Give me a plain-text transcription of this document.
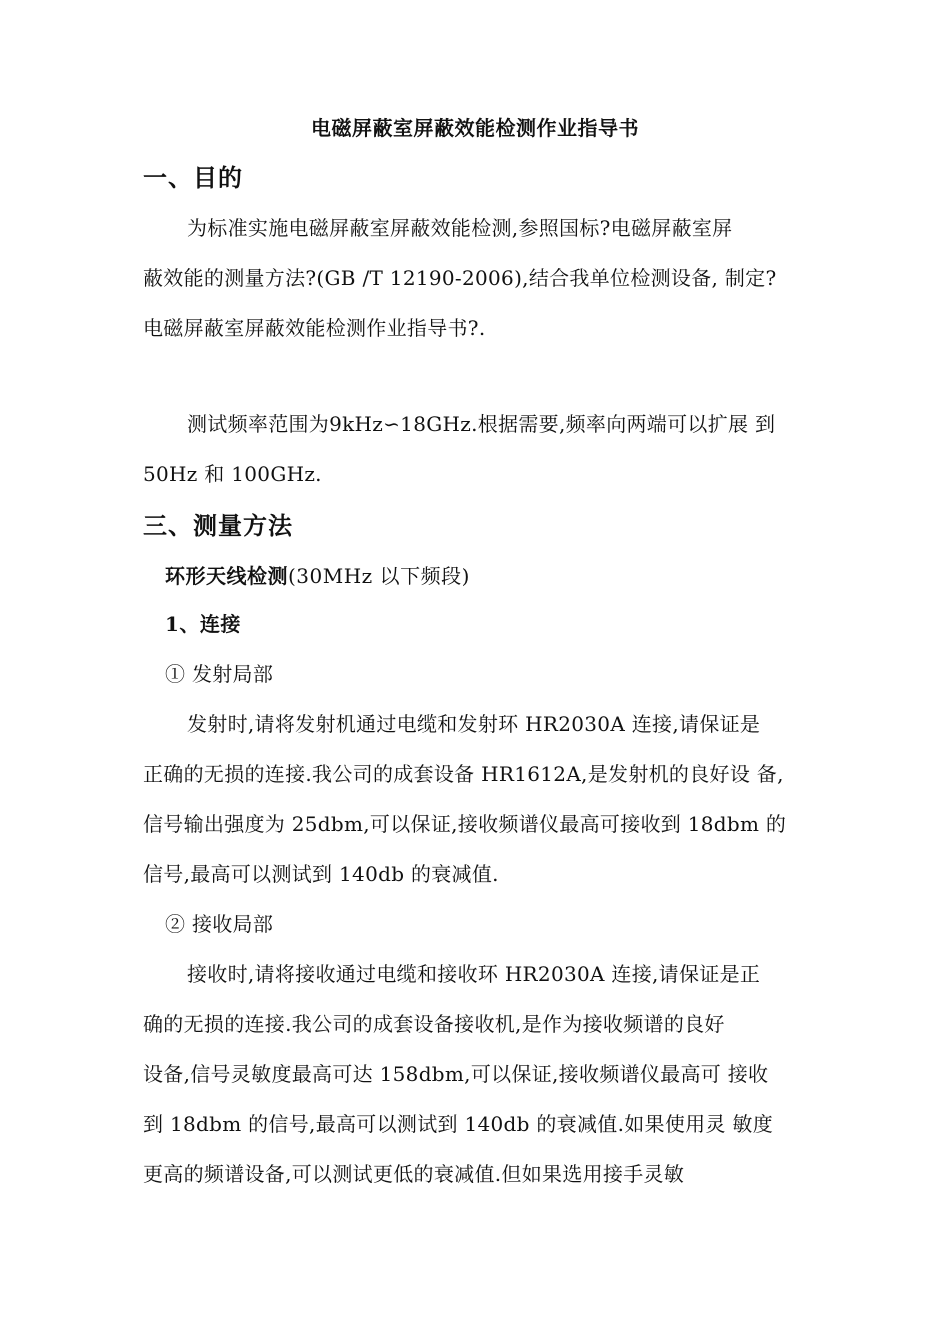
电磁屏蔽室屏蔽效能检测作业指导书
一、目的
为标准实施电磁屏蔽室屏蔽效能检测,参照国标?电磁屏蔽室屏
蔽效能的测量方法?(GB /T 12190-2006),结合我单位检测设备, 制定?
电磁屏蔽室屏蔽效能检测作业指导书?.
测试频率范围为9kHz∽18GHz.根据需要,频率向两端可以扩展 到
50Hz 和 100GHz.
三、测量方法
环形天线检测(30MHz 以下频段)
1、连接
① 发射局部
发射时,请将发射机通过电缆和发射环 HR2030A 连接,请保证是
正确的无损的连接.我公司的成套设备 HR1612A,是发射机的良好设 备,
信号输出强度为 25dbm,可以保证,接收频谱仪最高可接收到 18dbm 的
信号,最高可以测试到 140db 的衰减值.
② 接收局部
接收时,请将接收通过电缆和接收环 HR2030A 连接,请保证是正
确的无损的连接.我公司的成套设备接收机,是作为接收频谱的良好
设备,信号灵敏度最高可达 158dbm,可以保证,接收频谱仪最高可 接收
到 18dbm 的信号,最高可以测试到 140db 的衰减值.如果使用灵 敏度
更高的频谱设备,可以测试更低的衰减值.但如果选用接手灵敏
